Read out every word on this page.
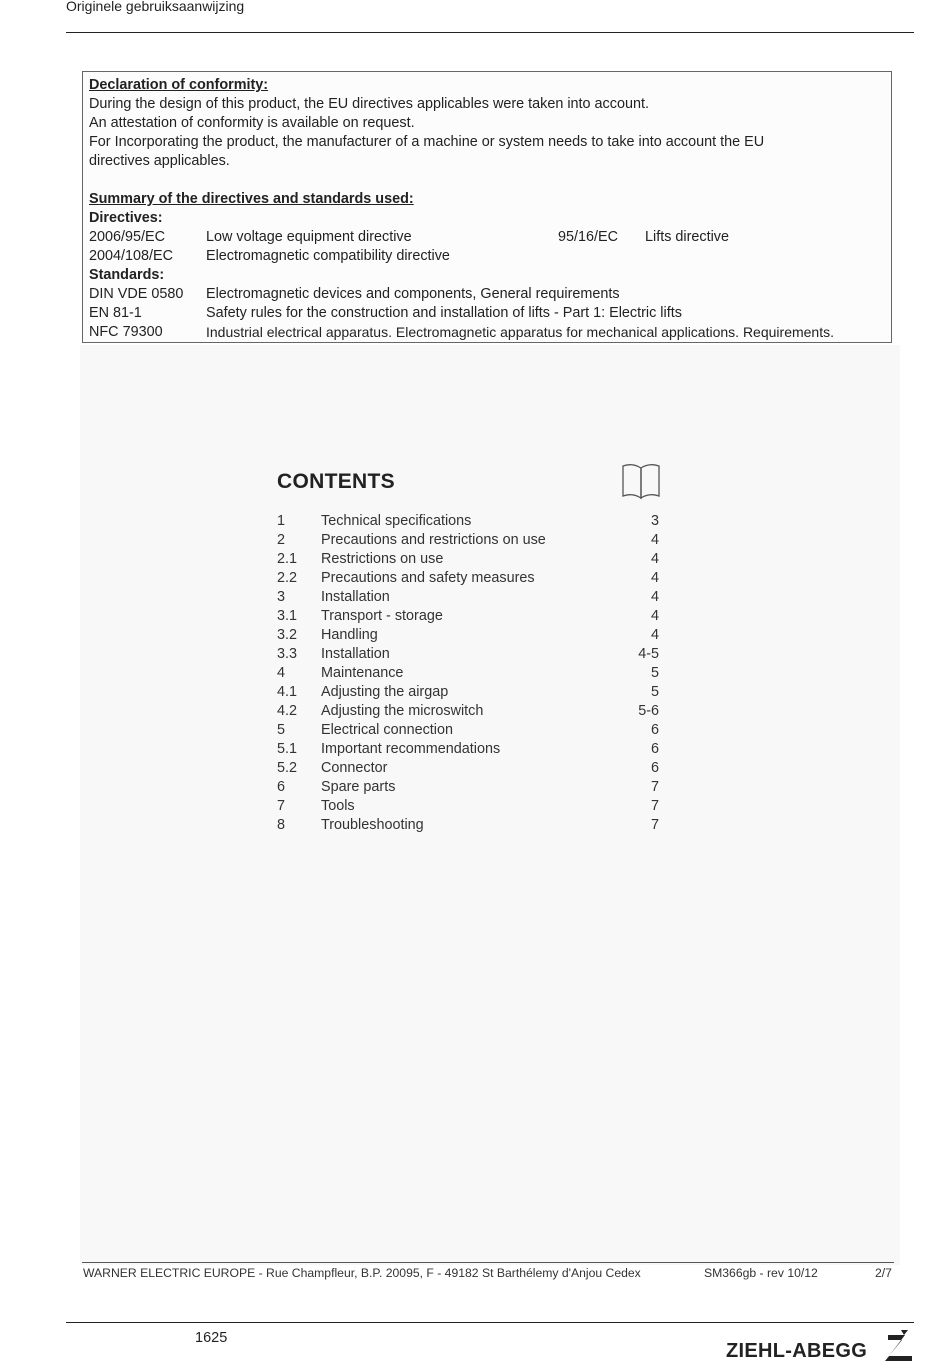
Originele gebruiksaanwijzing
Declaration of conformity:
During the design of this product, the EU directives applicables were taken into account.
An attestation of conformity is available on request.
For Incorporating the product, the manufacturer of a machine or system needs to take into account the EU
directives applicables.
Summary of the directives and standards used:
Directives:
2006/95/EC	Low voltage equipment directive	95/16/EC Lifts directive
2004/108/EC Electromagnetic compatibility directive
Standards:
DIN VDE 0580 Electromagnetic devices and components, General requirements
EN 81-1	Safety rules for the construction and installation of lifts - Part 1: Electric lifts
NFC 79300	Industrial electrical apparatus. Electromagnetic apparatus for mechanical applications. Requirements.
CONTENTS
1 Technical specifications	3
2 Precautions and restrictions on use	4
2.1 Restrictions on use	4
2.2 Precautions and safety measures	4
3 Installation	4
3.1 Transport - storage	4
3.2 Handling	4
3.3 Installation	4-5
4 Maintenance	5
4.1 Adjusting the airgap	5
4.2 Adjusting the microswitch	5-6
5 Electrical connection	6
5.1 Important recommendations	6
5.2 Connector	6
6 Spare parts	7
7 Tools	7
8 Troubleshooting	7
WARNER ELECTRIC EUROPE - Rue Champfleur, B.P. 20095, F - 49182 St Barthélemy d'Anjou Cedex	SM366gb - rev 10/12	2/7
1625
ZIEHL-ABEGG
